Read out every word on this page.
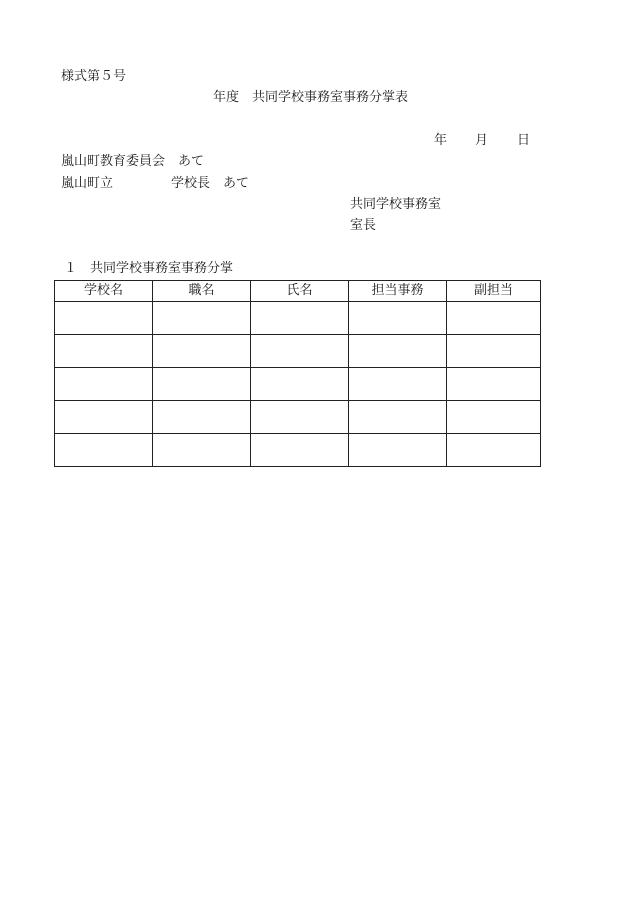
様式第５号
年度　共同学校事務室事務分掌表
年 月 日
嵐山町教育委員会　あて
嵐山町立	学校長　あて
共同学校事務室
室長
１　共同学校事務室事務分掌
学校名	職名	氏名	担当事務	副担当
